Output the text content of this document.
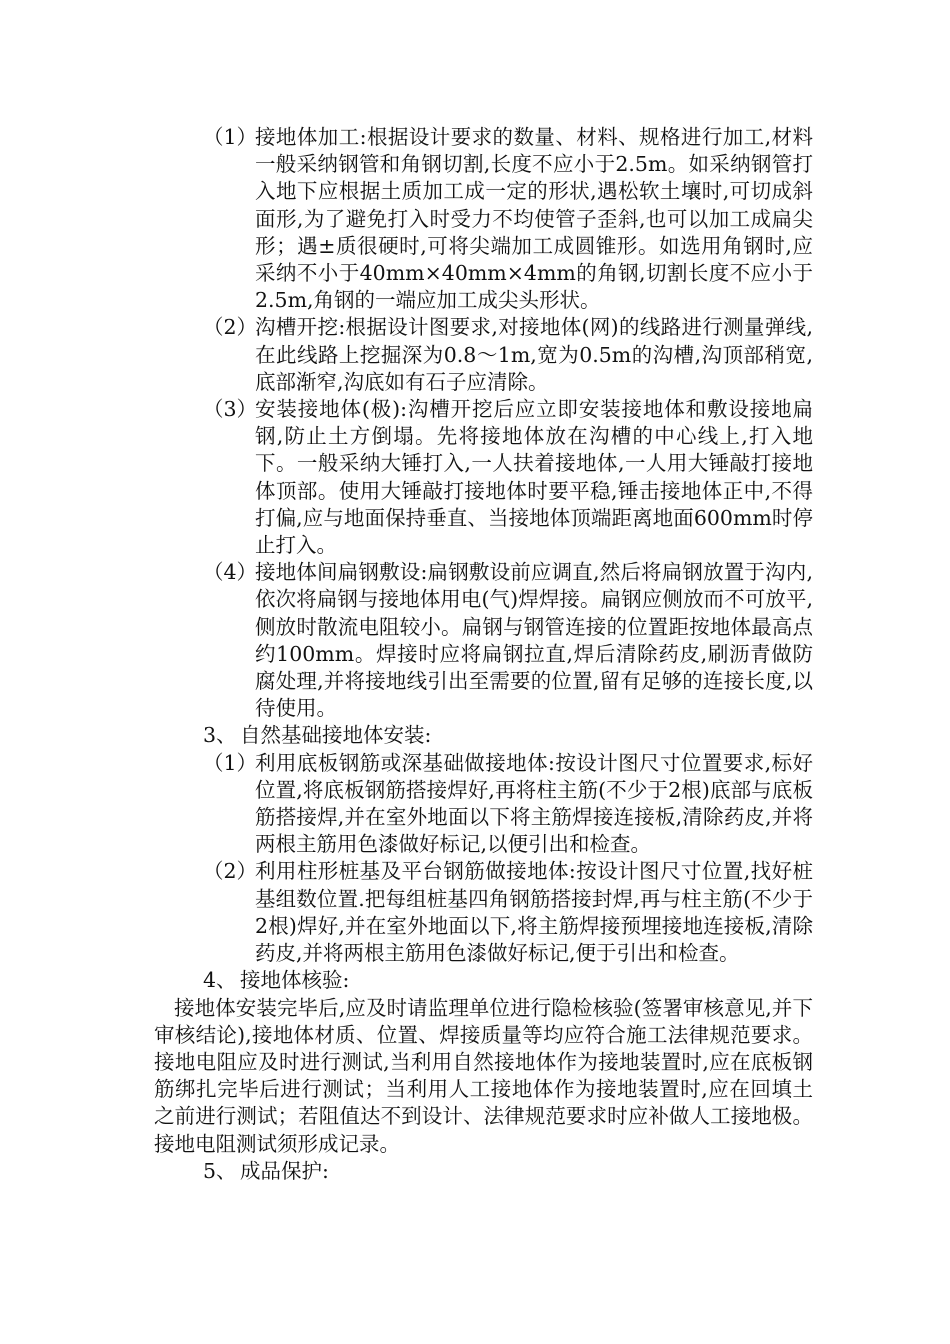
（1）
接地体加工:根据设计要求的数量、材料、规格进行加工,材料一般采纳钢管和角钢切割,长度不应小于2.5m。如采纳钢管打入地下应根据土质加工成一定的形状,遇松软土壤时,可切成斜面形,为了避免打入时受力不均使管子歪斜,也可以加工成扁尖形；遇±质很硬时,可将尖端加工成圆锥形。如选用角钢时,应采纳不小于40mm×40mm×4mm的角钢,切割长度不应小于2.5m,角钢的一端应加工成尖头形状。
（2）
沟槽开挖:根据设计图要求,对接地体(网)的线路进行测量弹线,在此线路上挖掘深为0.8～1m,宽为0.5m的沟槽,沟顶部稍宽,底部渐窄,沟底如有石子应清除。
（3）
安装接地体(极):沟槽开挖后应立即安装接地体和敷设接地扁钢,防止土方倒塌。先将接地体放在沟槽的中心线上,打入地下。一般采纳大锤打入,一人扶着接地体,一人用大锤敲打接地体顶部。使用大锤敲打接地体时要平稳,锤击接地体正中,不得打偏,应与地面保持垂直、当接地体顶端距离地面600mm时停止打入。
（4）
接地体间扁钢敷设:扁钢敷设前应调直,然后将扁钢放置于沟内,依次将扁钢与接地体用电(气)焊焊接。扁钢应侧放而不可放平,侧放时散流电阻较小。扁钢与钢管连接的位置距按地体最高点约100mm。焊接时应将扁钢拉直,焊后清除药皮,刷沥青做防腐处理,并将接地线引出至需要的位置,留有足够的连接长度,以待使用。
3、 自然基础接地体安装:
（1）
利用底板钢筋或深基础做接地体:按设计图尺寸位置要求,标好位置,将底板钢筋搭接焊好,再将柱主筋(不少于2根)底部与底板筋搭接焊,并在室外地面以下将主筋焊接连接板,清除药皮,并将两根主筋用色漆做好标记,以便引出和检查。
（2）
利用柱形桩基及平台钢筋做接地体:按设计图尺寸位置,找好桩基组数位置.把每组桩基四角钢筋搭接封焊,再与柱主筋(不少于2根)焊好,并在室外地面以下,将主筋焊接预埋接地连接板,清除药皮,并将两根主筋用色漆做好标记,便于引出和检查。
4、 接地体核验:
接地体安装完毕后,应及时请监理单位进行隐检核验(签署审核意见,并下审核结论),接地体材质、位置、焊接质量等均应符合施工法律规范要求。接地电阻应及时进行测试,当利用自然接地体作为接地装置时,应在底板钢筋绑扎完毕后进行测试；当利用人工接地体作为接地装置时,应在回填土之前进行测试；若阻值达不到设计、法律规范要求时应补做人工接地极。接地电阻测试须形成记录。
5、 成品保护:
